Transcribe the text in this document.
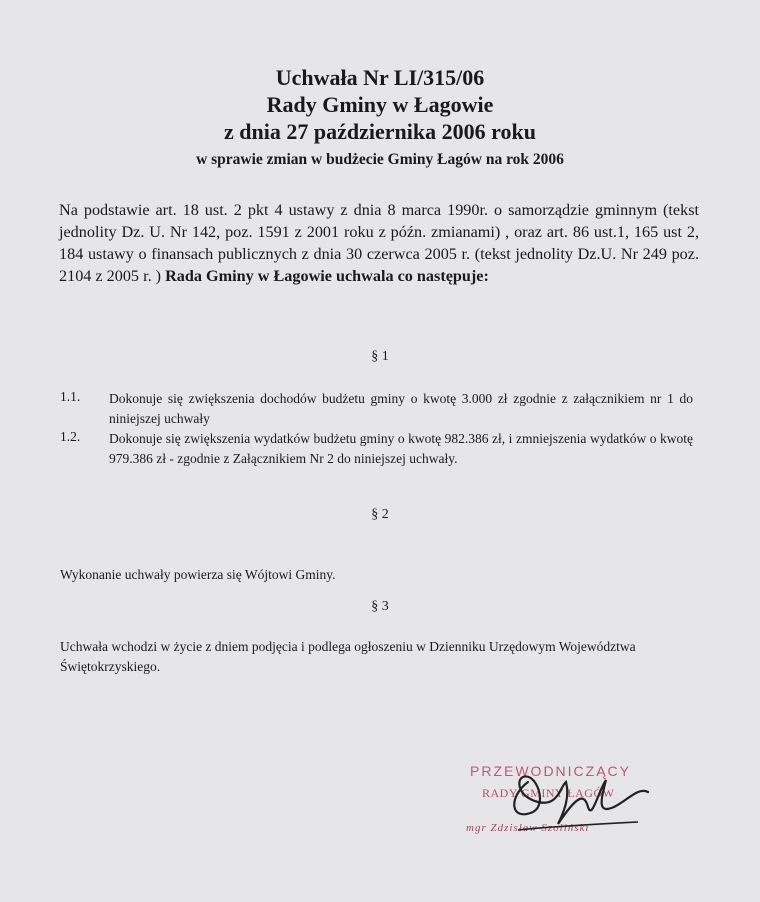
Uchwała Nr LI/315/06
Rady Gminy w Łagowie
z dnia 27 października 2006 roku
w sprawie zmian w budżecie Gminy Łagów na rok 2006
Na podstawie art. 18 ust. 2 pkt 4 ustawy z dnia 8 marca 1990r. o samorządzie gminnym (tekst jednolity Dz. U. Nr 142, poz. 1591 z 2001 roku z późn. zmianami) , oraz art. 86 ust.1, 165 ust 2, 184 ustawy o finansach publicznych z dnia 30 czerwca 2005 r. (tekst jednolity Dz.U. Nr 249 poz. 2104 z 2005 r. ) Rada Gminy w Łagowie uchwala co następuje:
§ 1
1.1. Dokonuje się zwiększenia dochodów budżetu gminy o kwotę 3.000 zł zgodnie z załącznikiem nr 1 do niniejszej uchwały
1.2. Dokonuje się zwiększenia wydatków budżetu gminy o kwotę 982.386 zł, i zmniejszenia wydatków o kwotę 979.386 zł - zgodnie z Załącznikiem Nr 2 do niniejszej uchwały.
§ 2
Wykonanie uchwały powierza się Wójtowi Gminy.
§ 3
Uchwała wchodzi w życie z dniem podjęcia i podlega ogłoszeniu w Dzienniku Urzędowym Województwa Świętokrzyskiego.
PRZEWODNICZĄCY
RADY GMINY ŁAGÓW
mgr Zdzisław Szoliński
